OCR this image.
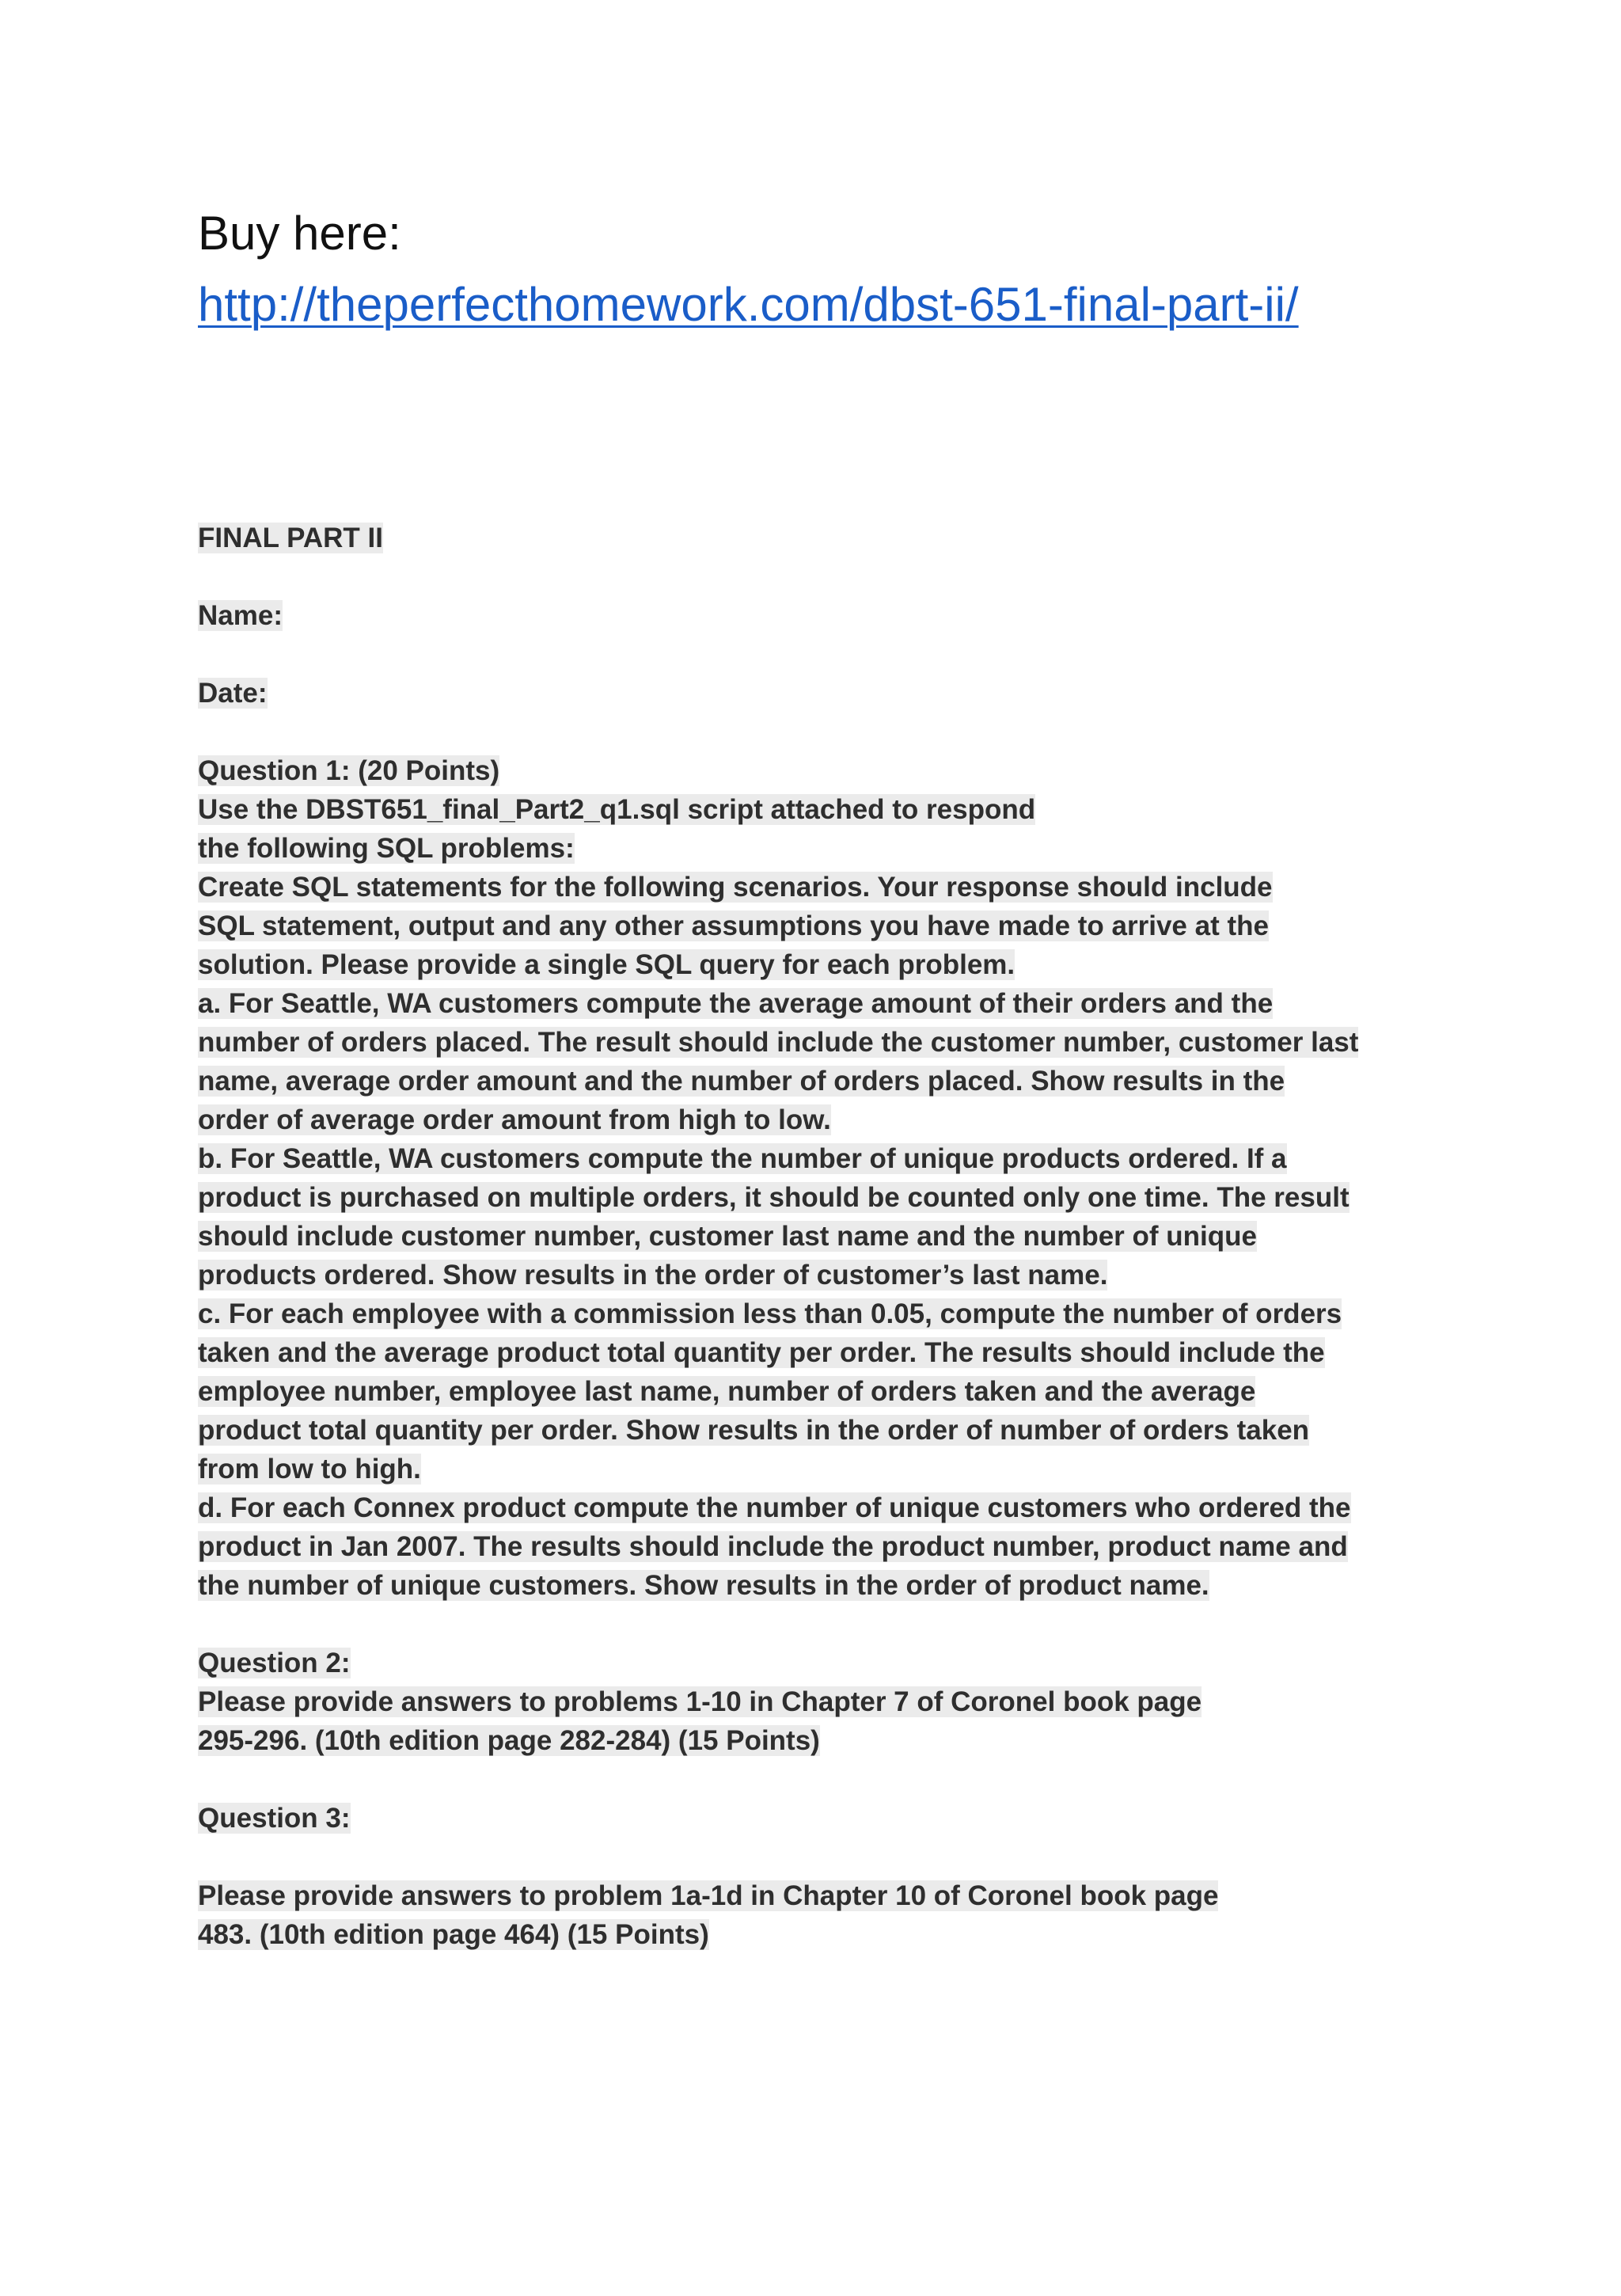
Buy here:
http://theperfecthomework.com/dbst-651-final-part-ii/

FINAL PART II

Name:

Date:

Question 1: (20 Points)
Use the DBST651_final_Part2_q1.sql script attached to respond
the following SQL problems:
Create SQL statements for the following scenarios. Your response should include
SQL statement, output and any other assumptions you have made to arrive at the
solution. Please provide a single SQL query for each problem.
a. For Seattle, WA customers compute the average amount of their orders and the
number of orders placed. The result should include the customer number, customer last
name, average order amount and the number of orders placed. Show results in the
order of average order amount from high to low.
b. For Seattle, WA customers compute the number of unique products ordered. If a
product is purchased on multiple orders, it should be counted only one time. The result
should include customer number, customer last name and the number of unique
products ordered. Show results in the order of customer’s last name.
c. For each employee with a commission less than 0.05, compute the number of orders
taken and the average product total quantity per order. The results should include the
employee number, employee last name, number of orders taken and the average
product total quantity per order. Show results in the order of number of orders taken
from low to high.
d. For each Connex product compute the number of unique customers who ordered the
product in Jan 2007. The results should include the product number, product name and
the number of unique customers. Show results in the order of product name.
Question 2:
Please provide answers to problems 1-10 in Chapter 7 of Coronel book page
295-296. (10th edition page 282-284) (15 Points)

Question 3:

Please provide answers to problem 1a-1d in Chapter 10 of Coronel book page
483. (10th edition page 464) (15 Points)
